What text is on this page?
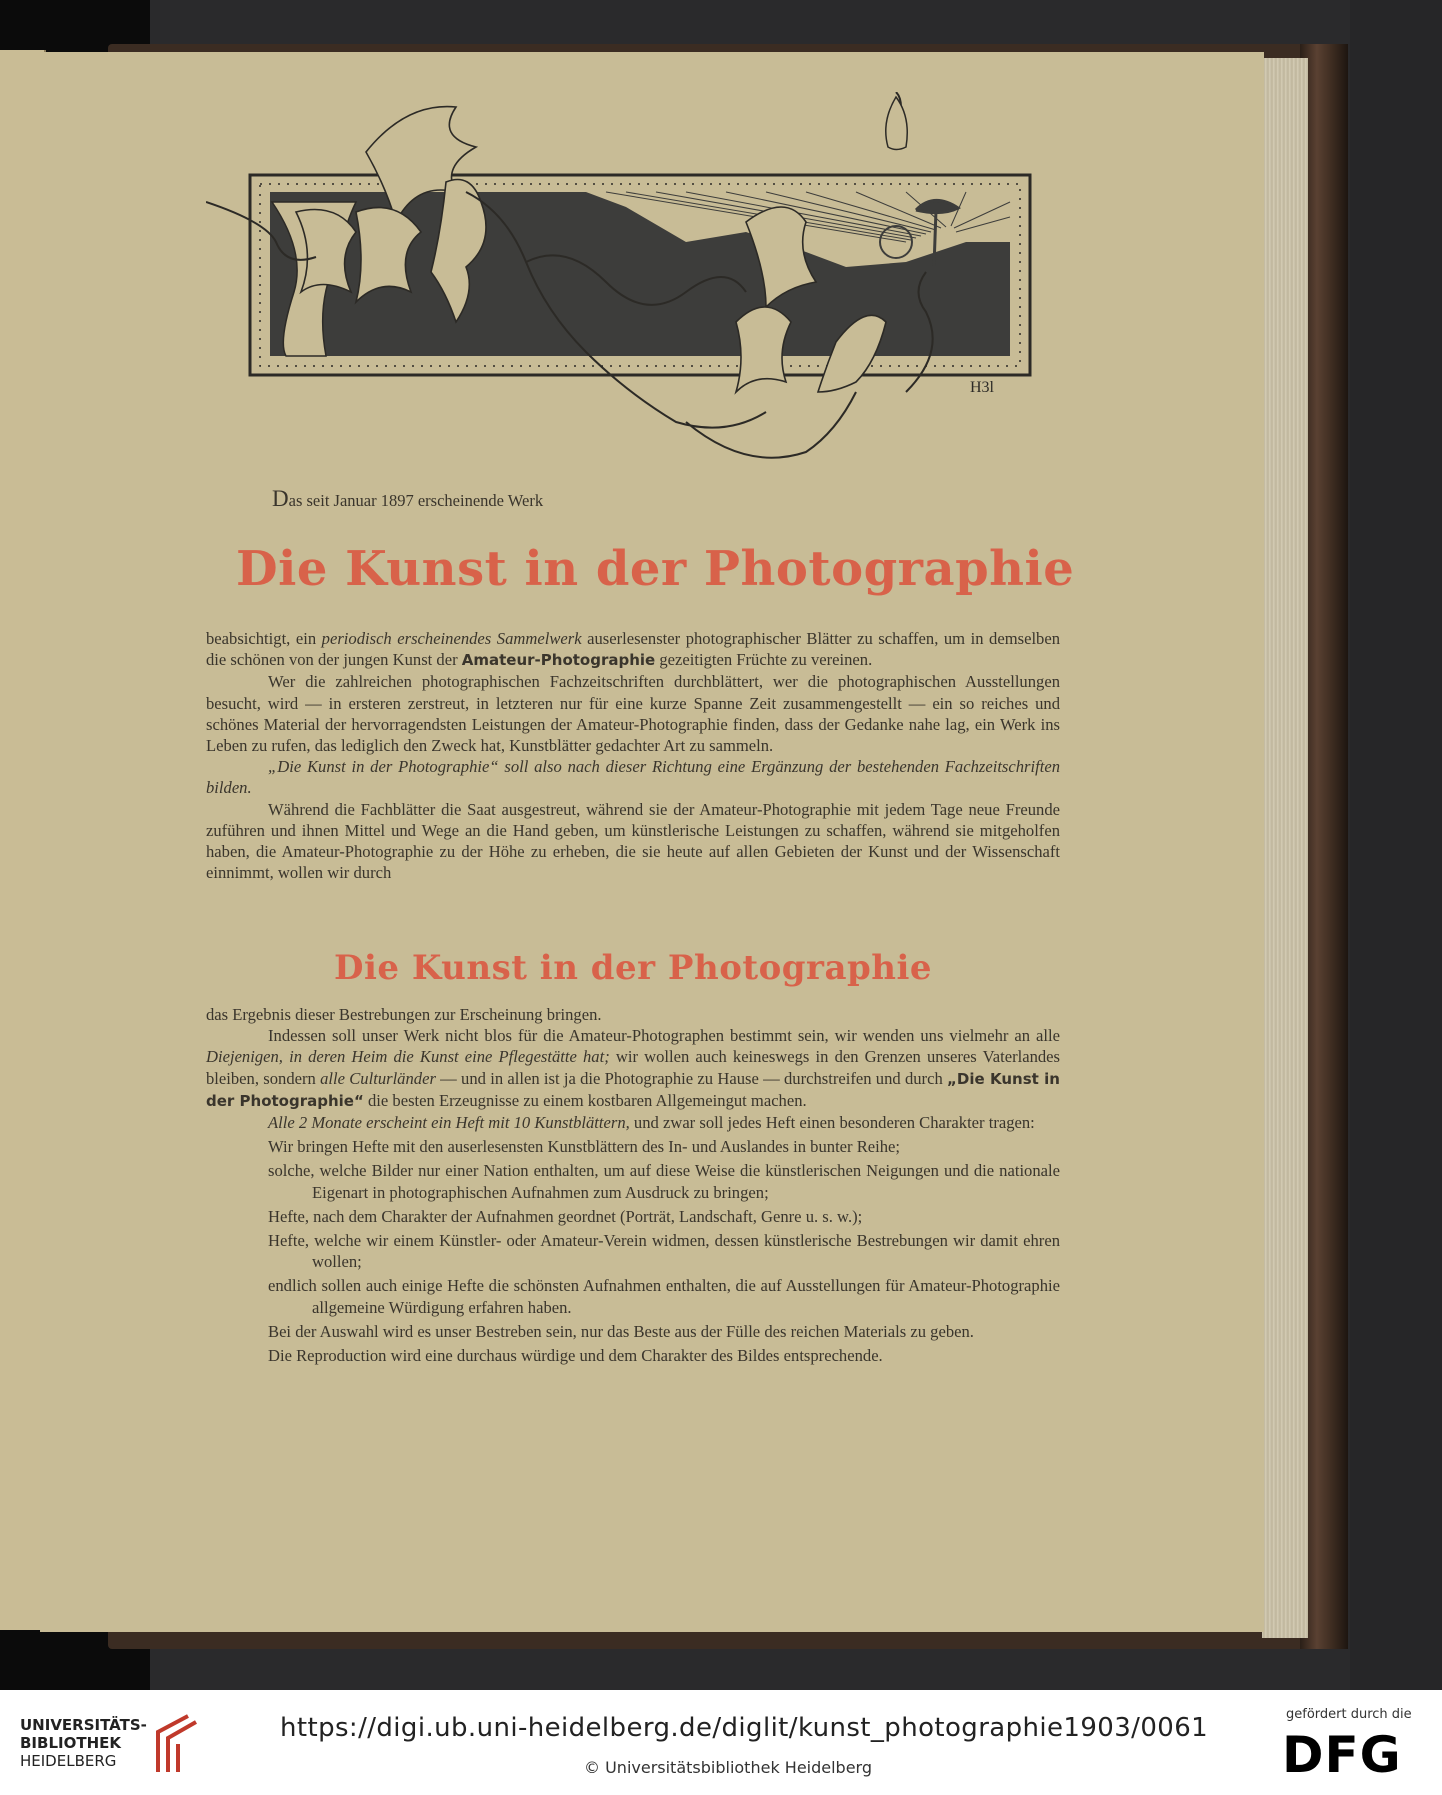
H3l
Das seit Januar 1897 erscheinende Werk
Die Kunst in der Photographie

beabsichtigt, ein periodisch erscheinendes Sammelwerk auserlesenster photographischer Blätter zu schaffen, um in demselben die schönen von der jungen Kunst der Amateur-Photographie gezeitigten Früchte zu vereinen.

Wer die zahlreichen photographischen Fachzeitschriften durchblättert, wer die photographischen Ausstellungen besucht, wird — in ersteren zerstreut, in letzteren nur für eine kurze Spanne Zeit zusammengestellt — ein so reiches und schönes Material der hervorragendsten Leistungen der Amateur-Photographie finden, dass der Gedanke nahe lag, ein Werk ins Leben zu rufen, das lediglich den Zweck hat, Kunstblätter gedachter Art zu sammeln.

„Die Kunst in der Photographie“ soll also nach dieser Richtung eine Ergänzung der bestehenden Fachzeitschriften bilden.

Während die Fachblätter die Saat ausgestreut, während sie der Amateur-Photographie mit jedem Tage neue Freunde zuführen und ihnen Mittel und Wege an die Hand geben, um künstlerische Leistungen zu schaffen, während sie mitgeholfen haben, die Amateur-Photographie zu der Höhe zu erheben, die sie heute auf allen Gebieten der Kunst und der Wissenschaft einnimmt, wollen wir durch

Die Kunst in der Photographie

das Ergebnis dieser Bestrebungen zur Erscheinung bringen.

Indessen soll unser Werk nicht blos für die Amateur-Photographen bestimmt sein, wir wenden uns vielmehr an alle Diejenigen, in deren Heim die Kunst eine Pflegestätte hat; wir wollen auch keineswegs in den Grenzen unseres Vaterlandes bleiben, sondern alle Culturländer — und in allen ist ja die Photographie zu Hause — durchstreifen und durch „Die Kunst in der Photographie“ die besten Erzeugnisse zu einem kostbaren Allgemeingut machen.

Alle 2 Monate erscheint ein Heft mit 10 Kunstblättern, und zwar soll jedes Heft einen besonderen Charakter tragen:

Wir bringen Hefte mit den auserlesensten Kunstblättern des In- und Auslandes in bunter Reihe;

solche, welche Bilder nur einer Nation enthalten, um auf diese Weise die künstlerischen Neigungen und die nationale Eigenart in photographischen Aufnahmen zum Ausdruck zu bringen;

Hefte, nach dem Charakter der Aufnahmen geordnet (Porträt, Landschaft, Genre u. s. w.);

Hefte, welche wir einem Künstler- oder Amateur-Verein widmen, dessen künstlerische Bestrebungen wir damit ehren wollen;

endlich sollen auch einige Hefte die schönsten Aufnahmen enthalten, die auf Ausstellungen für Amateur-Photographie allgemeine Würdigung erfahren haben.

Bei der Auswahl wird es unser Bestreben sein, nur das Beste aus der Fülle des reichen Materials zu geben.

Die Reproduction wird eine durchaus würdige und dem Charakter des Bildes entsprechende.

UNIVERSITÄTS-
BIBLIOTHEK
HEIDELBERG
https://digi.ub.uni-heidelberg.de/diglit/kunst_photographie1903/0061
© Universitätsbibliothek Heidelberg
gefördert durch die
DFG
